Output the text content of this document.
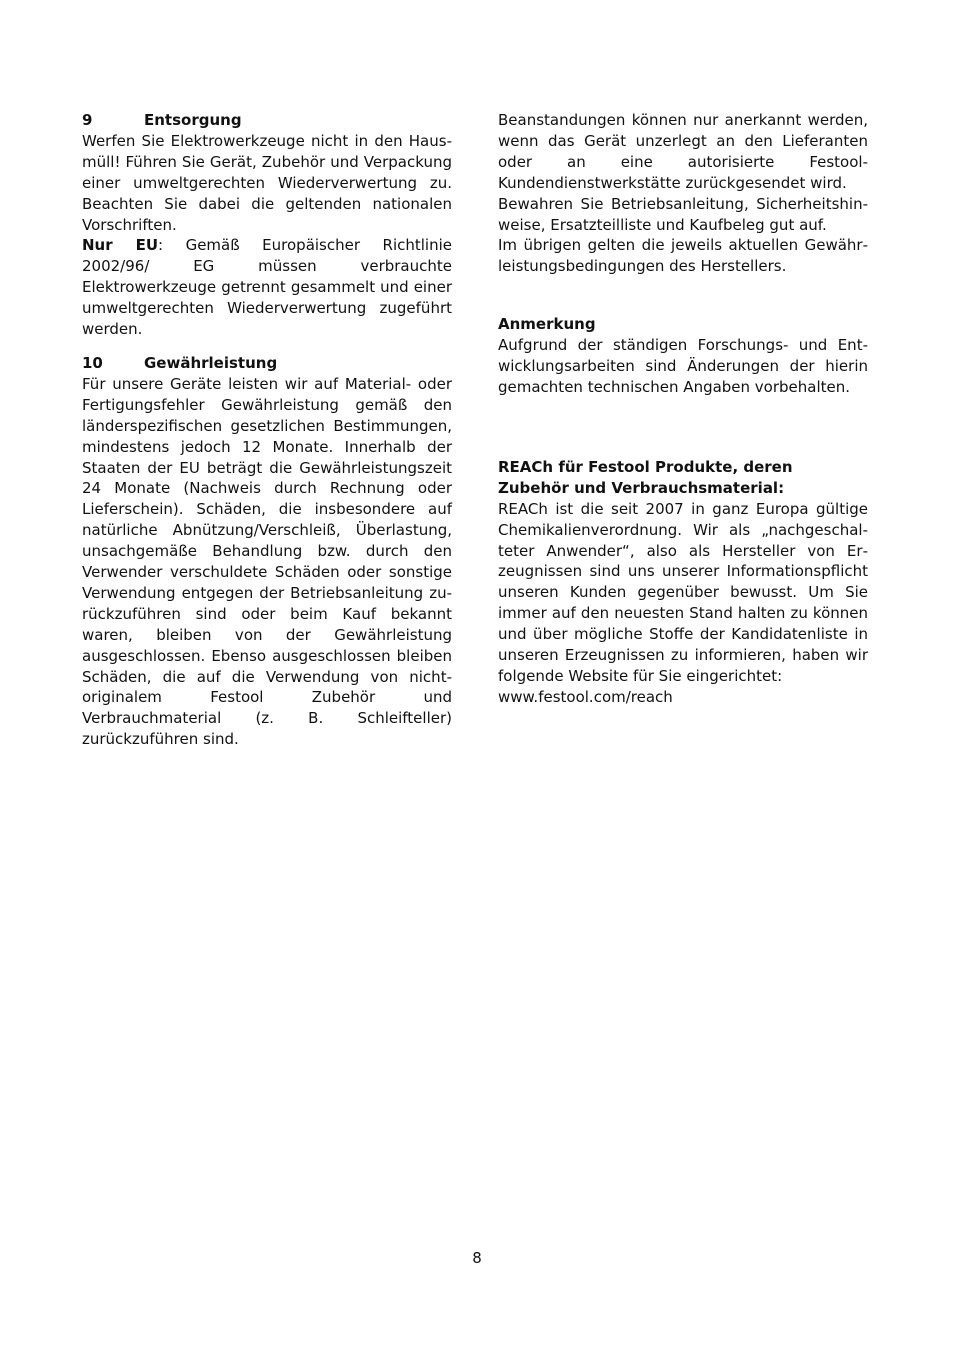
9	Entsorgung

Werfen Sie Elektrowerkzeuge nicht in den Hausmüll! Führen Sie Gerät, Zubehör und Verpackung einer umweltgerechten Wiederverwertung zu. Beachten Sie dabei die geltenden nationalen Vorschriften.

Nur EU: Gemäß Europäischer Richtlinie 2002/96/ EG müssen verbrauchte Elektrowerkzeuge getrennt gesammelt und einer umweltgerechten Wiederverwertung zugeführt werden.

10	Gewährleistung

Für unsere Geräte leisten wir auf Material- oder Fertigungsfehler Gewährleistung gemäß den länderspezifischen gesetzlichen Bestimmungen, mindestens jedoch 12 Monate. Innerhalb der Staaten der EU beträgt die Gewährleistungszeit 24 Monate (Nachweis durch Rechnung oder Lieferschein). Schäden, die insbesondere auf natürliche Abnützung/Verschleiß, Überlastung, unsachgemäße Behandlung bzw. durch den Verwender verschuldete Schäden oder sonstige Verwendung entgegen der Betriebsanleitung zurückzuführen sind oder beim Kauf bekannt waren, bleiben von der Gewährleistung ausgeschlossen. Ebenso ausgeschlossen bleiben Schäden, die auf die Verwendung von nicht-originalem Festool Zubehör und Verbrauchmaterial (z. B. Schleifteller) zurückzuführen sind.

Beanstandungen können nur anerkannt werden, wenn das Gerät unzerlegt an den Lieferanten oder an eine autorisierte Festool-Kundendienstwerkstätte zurückgesendet wird.

Bewahren Sie Betriebsanleitung, Sicherheitshinweise, Ersatzteilliste und Kaufbeleg gut auf.

Im übrigen gelten die jeweils aktuellen Gewährleistungsbedingungen des Herstellers.

Anmerkung

Aufgrund der ständigen Forschungs- und Entwicklungsarbeiten sind Änderungen der hierin gemachten technischen Angaben vorbehalten.

REACh für Festool Produkte, deren Zubehör und Verbrauchsmaterial:

REACh ist die seit 2007 in ganz Europa gültige Chemikalienverordnung. Wir als „nachgeschalteter Anwender“, also als Hersteller von Erzeugnissen sind uns unserer Informationspflicht unseren Kunden gegenüber bewusst. Um Sie immer auf den neuesten Stand halten zu können und über mögliche Stoffe der Kandidatenliste in unseren Erzeugnissen zu informieren, haben wir folgende Website für Sie eingerichtet:

www.festool.com/reach
8
